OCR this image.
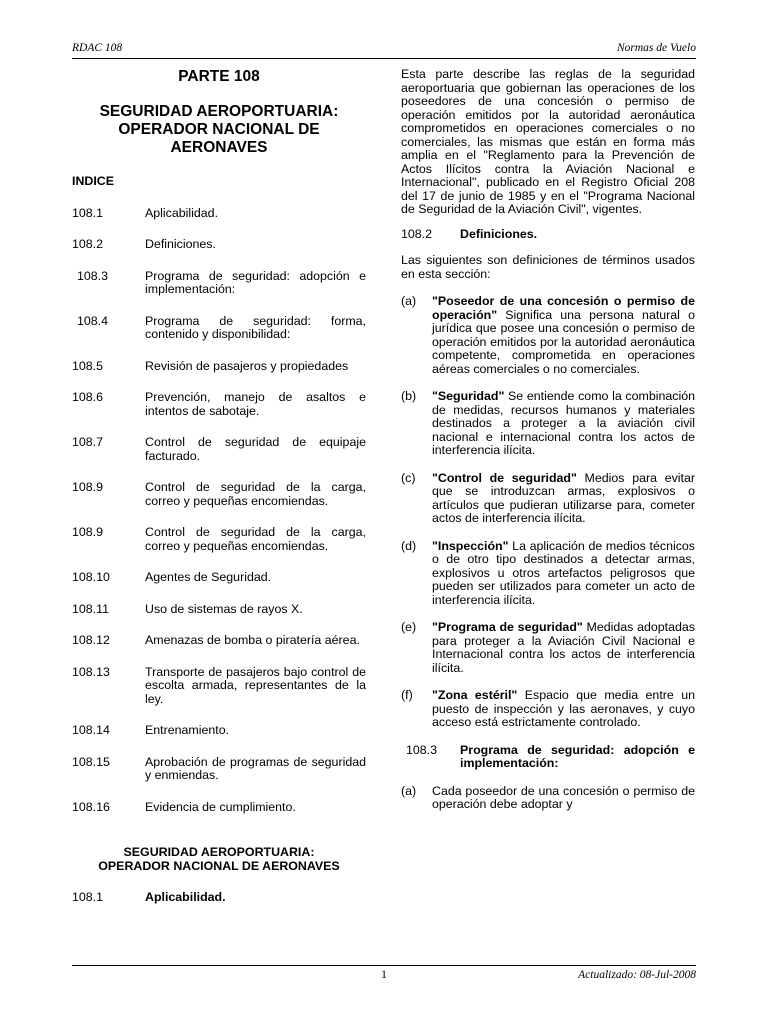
RDAC 108	Normas de Vuelo
PARTE 108
SEGURIDAD AEROPORTUARIA: OPERADOR NACIONAL DE AERONAVES
INDICE
108.1	Aplicabilidad.
108.2	Definiciones.
108.3	Programa de seguridad: adopción e implementación:
108.4	Programa de seguridad: forma, contenido y disponibilidad:
108.5	Revisión de pasajeros y propiedades
108.6	Prevención, manejo de asaltos e intentos de sabotaje.
108.7	Control de seguridad de equipaje facturado.
108.9	Control de seguridad de la carga, correo y pequeñas encomiendas.
108.9	Control de seguridad de la carga, correo y pequeñas encomiendas.
108.10	Agentes de Seguridad.
108.11	Uso de sistemas de rayos X.
108.12	Amenazas de bomba o piratería aérea.
108.13	Transporte de pasajeros bajo control de escolta armada, representantes de la ley.
108.14	Entrenamiento.
108.15	Aprobación de programas de seguridad y enmiendas.
108.16	Evidencia de cumplimiento.
SEGURIDAD AEROPORTUARIA:
OPERADOR NACIONAL DE AERONAVES
108.1	Aplicabilidad.

Esta parte describe las reglas de la seguridad aeroportuaria que gobiernan las operaciones de los poseedores de una concesión o permiso de operación emitidos por la autoridad aeronáutica comprometidos en operaciones comerciales o no comerciales, las mismas que están en forma más amplia en el "Reglamento para la Prevención de Actos Ilícitos contra la Aviación Nacional e Internacional", publicado en el Registro Oficial 208 del 17 de junio de 1985 y en el "Programa Nacional de Seguridad de la Aviación Civil", vigentes.

108.2	Definiciones.

Las siguientes son definiciones de términos usados en esta sección:

(a)	"Poseedor de una concesión o permiso de operación" Significa una persona natural o jurídica que posee una concesión o permiso de operación emitidos por la autoridad aeronáutica competente, comprometida en operaciones aéreas comerciales o no comerciales.
(b)	"Seguridad" Se entiende como la combinación de medidas, recursos humanos y materiales destinados a proteger a la aviación civil nacional e internacional contra los actos de interferencia ilícita.
(c)	"Control de seguridad" Medios para evitar que se introduzcan armas, explosivos o artículos que pudieran utilizarse para, cometer actos de interferencia ilícita.
(d)	"Inspección" La aplicación de medios técnicos o de otro tipo destinados a detectar armas, explosivos u otros artefactos peligrosos que pueden ser utilizados para cometer un acto de interferencia ilícita.
(e)	"Programa de seguridad" Medidas adoptadas para proteger a la Aviación Civil Nacional e Internacional contra los actos de interferencia ilícita.
(f)	"Zona estéril" Espacio que media entre un puesto de inspección y las aeronaves, y cuyo acceso está estrictamente controlado.
108.3	Programa de seguridad: adopción e implementación:
(a)	Cada poseedor de una concesión o permiso de operación debe adoptar y
1	Actualizado: 08-Jul-2008
